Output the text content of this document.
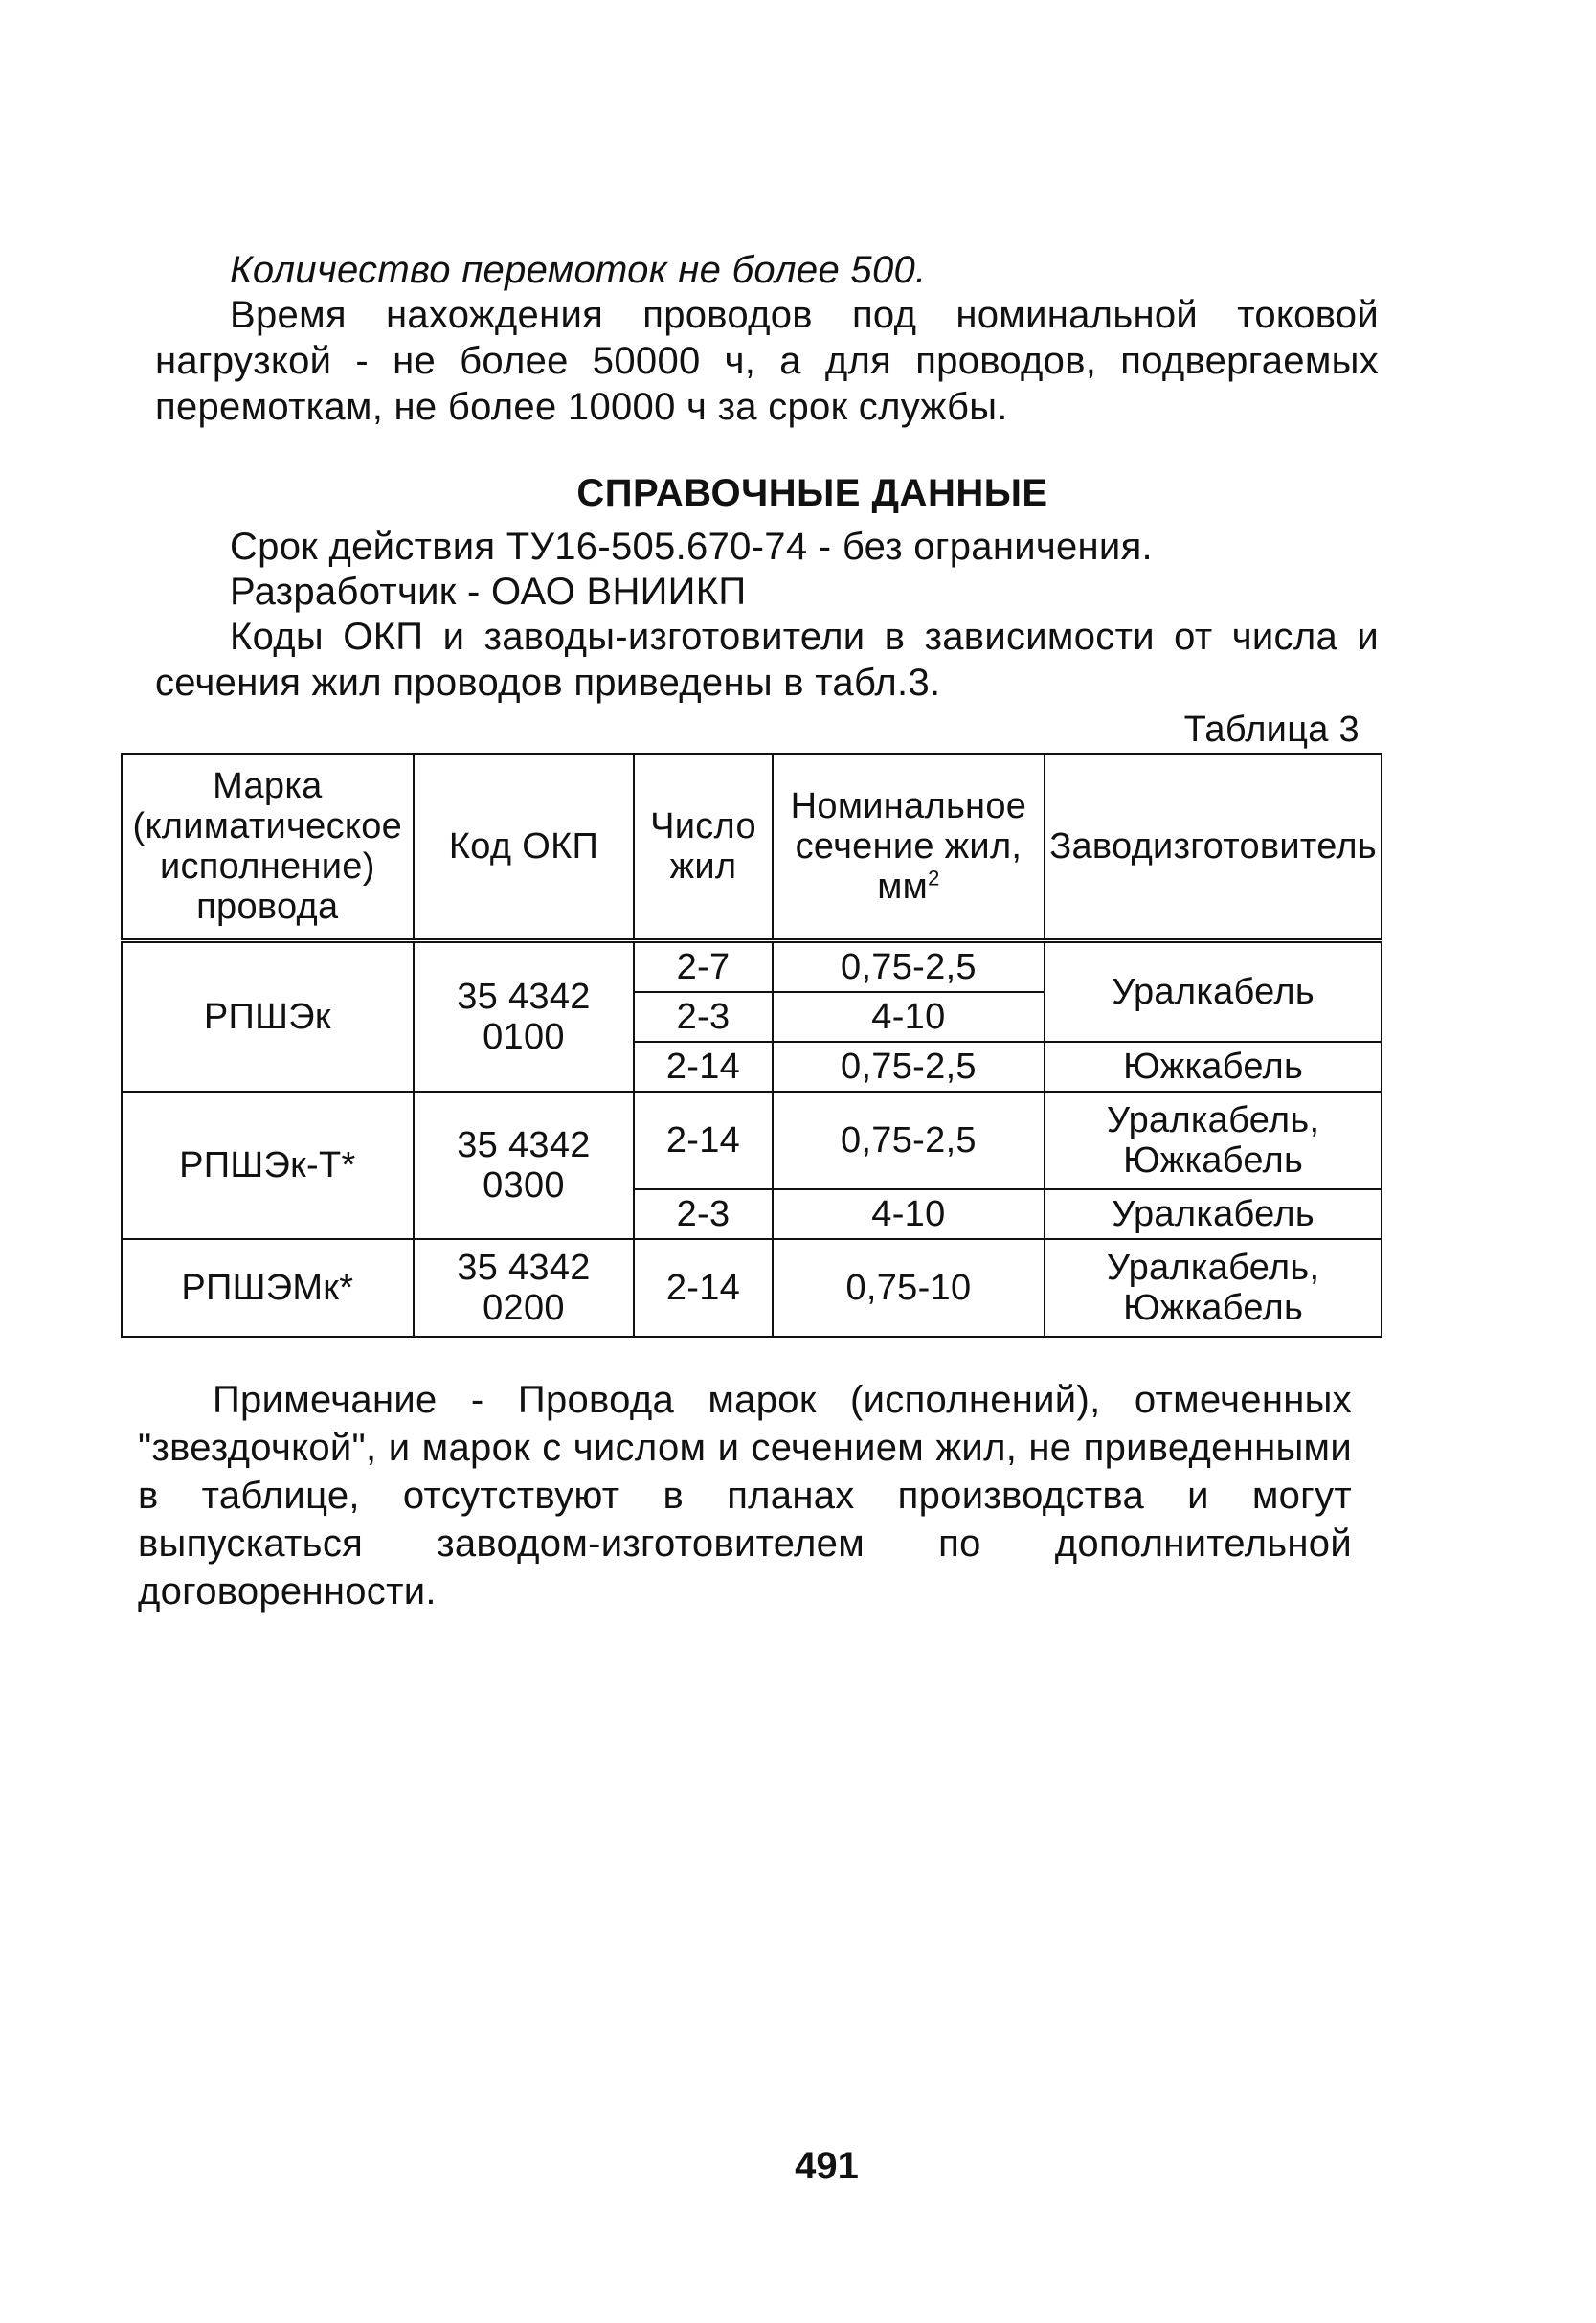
Количество перемоток не более 500.
Время нахождения проводов под номинальной токовой нагрузкой - не более 50000 ч, а для проводов, подвергаемых перемоткам, не более 10000 ч за срок службы.
СПРАВОЧНЫЕ ДАННЫЕ
Срок действия ТУ16-505.670-74 - без ограничения.
Разработчик - ОАО ВНИИКП
Коды ОКП и заводы-изготовители в зависимости от числа и сечения жил проводов приведены в табл.3.
Таблица 3
Марка (климатическое исполнение) провода	Код ОКП	Число жил	Номинальное сечение жил, $мм^2$	Заводизготовитель
РПШЭк	35 4342 0100	2-7	0,75-2,5	Уралкабель
		2-3	4-10	
		2-14	0,75-2,5	Южкабель
РПШЭк-Т*	35 4342 0300	2-14	0,75-2,5	Уралкабель, Южкабель
		2-3	4-10	Уралкабель
РПШЭМк*	35 4342 0200	2-14	0,75-10	Уралкабель, Южкабель
Примечание - Провода марок (исполнений), отмеченных "звездочкой", и марок с числом и сечением жил, не приведенными в таблице, отсутствуют в планах производства и могут выпускаться заводом-изготовителем по дополнительной договоренности.
491
